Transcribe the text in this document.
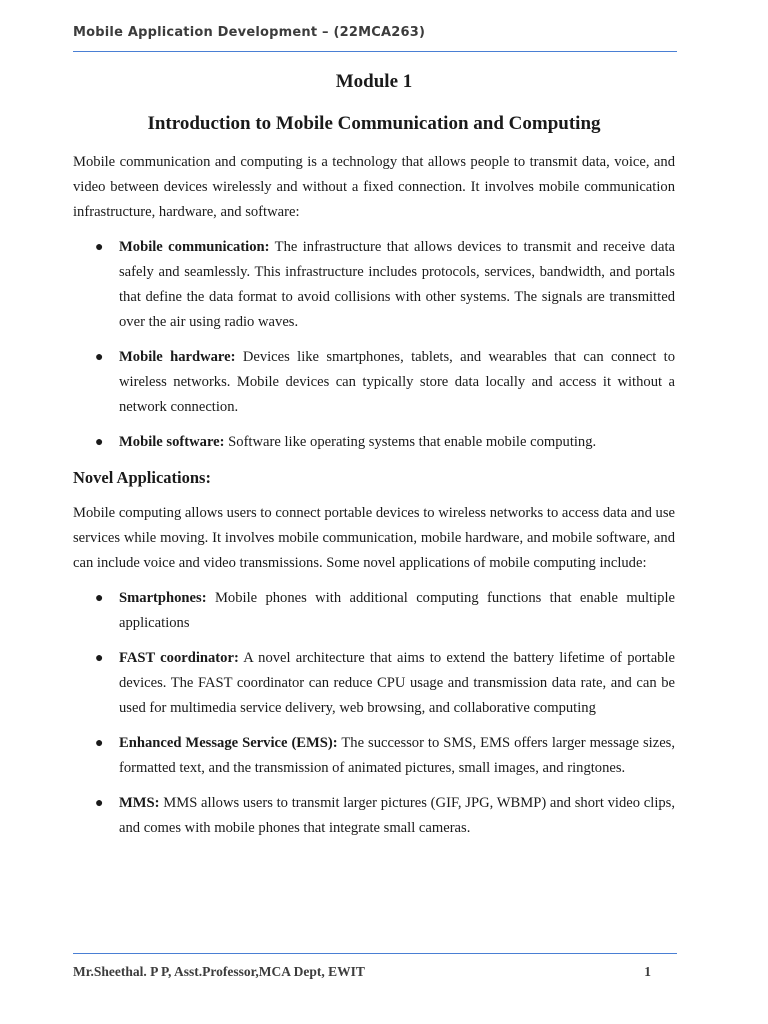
Mobile Application Development – (22MCA263)
Module 1
Introduction to Mobile Communication and Computing

Mobile communication and computing is a technology that allows people to transmit data, voice, and video between devices wirelessly and without a fixed connection. It involves mobile communication infrastructure, hardware, and software:

● Mobile communication: The infrastructure that allows devices to transmit and receive data safely and seamlessly. This infrastructure includes protocols, services, bandwidth, and portals that define the data format to avoid collisions with other systems. The signals are transmitted over the air using radio waves.
● Mobile hardware: Devices like smartphones, tablets, and wearables that can connect to wireless networks. Mobile devices can typically store data locally and access it without a network connection.
● Mobile software: Software like operating systems that enable mobile computing.
Novel Applications:

Mobile computing allows users to connect portable devices to wireless networks to access data and use services while moving. It involves mobile communication, mobile hardware, and mobile software, and can include voice and video transmissions. Some novel applications of mobile computing include:

● Smartphones: Mobile phones with additional computing functions that enable multiple applications
● FAST coordinator: A novel architecture that aims to extend the battery lifetime of portable devices. The FAST coordinator can reduce CPU usage and transmission data rate, and can be used for multimedia service delivery, web browsing, and collaborative computing
● Enhanced Message Service (EMS): The successor to SMS, EMS offers larger message sizes, formatted text, and the transmission of animated pictures, small images, and ringtones.
● MMS: MMS allows users to transmit larger pictures (GIF, JPG, WBMP) and short video clips, and comes with mobile phones that integrate small cameras.
Mr.Sheethal. P P, Asst.Professor,MCA Dept, EWIT	1
